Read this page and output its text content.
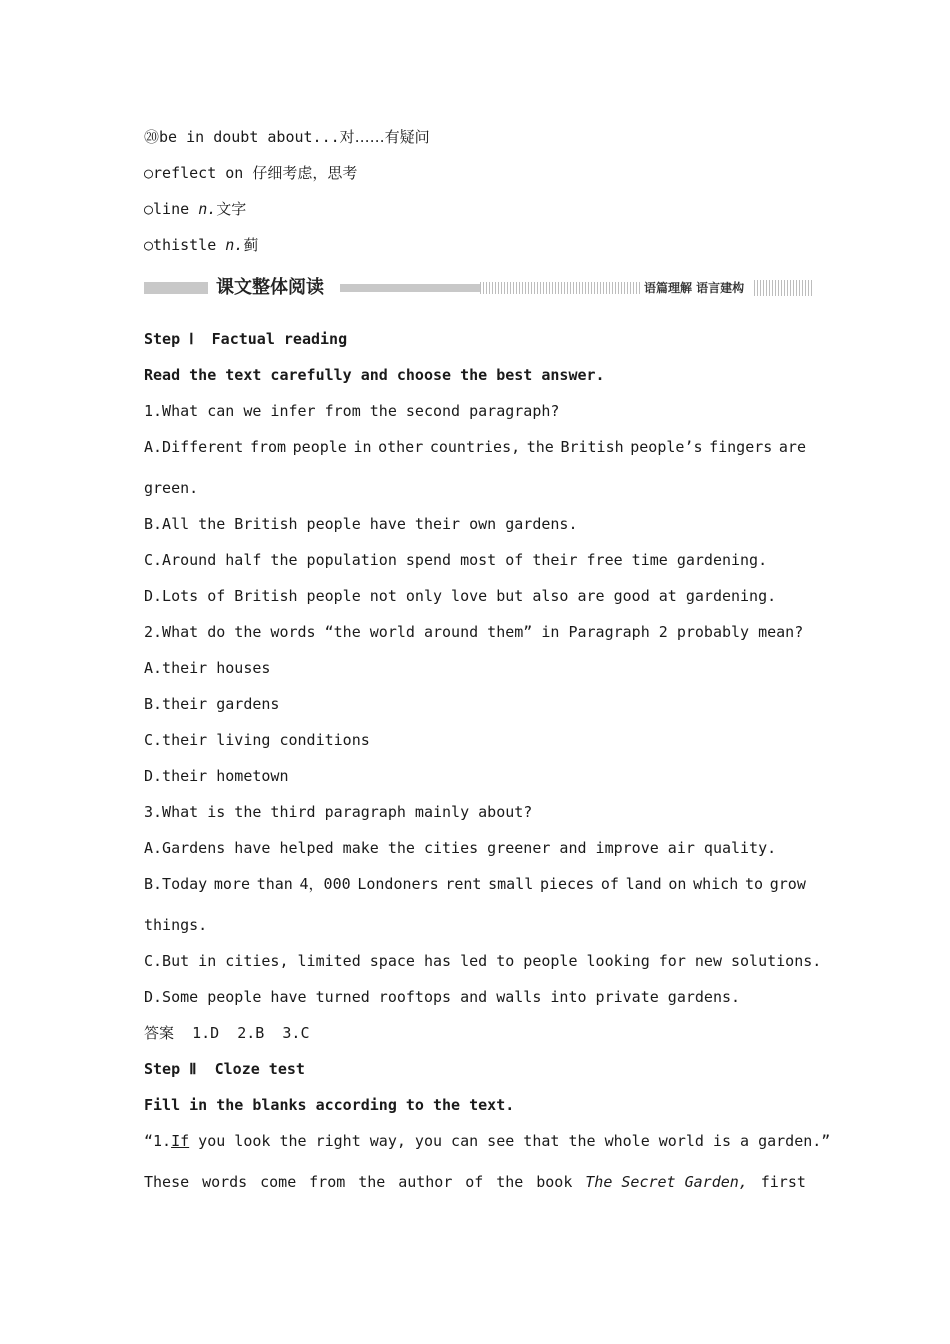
⑳be in doubt about...对……有疑问
○reflect on 仔细考虑，思考
○line n.文字
○thistle n.蓟
课文整体阅读	语篇理解 语言建构
Step Ⅰ  Factual reading
Read the text carefully and choose the best answer.
1.What can we infer from the second paragraph?
A.Different from people in other countries, the British people’s fingers are
green.
B.All the British people have their own gardens.
C.Around half the population spend most of their free time gardening.
D.Lots of British people not only love but also are good at gardening.
2.What do the words “the world around them” in Paragraph 2 probably mean?
A.their houses
B.their gardens
C.their living conditions
D.their hometown
3.What is the third paragraph mainly about?
A.Gardens have helped make the cities greener and improve air quality.
B.Today more than 4，000 Londoners rent small pieces of land on which to grow
things.
C.But in cities, limited space has led to people looking for new solutions.
D.Some people have turned rooftops and walls into private gardens.
答案 1.D  2.B  3.C
Step Ⅱ  Cloze test
Fill in the blanks according to the text.
“1.If you look the right way, you can see that the whole world is a garden.”
These words come from the author of the book The Secret Garden, first
